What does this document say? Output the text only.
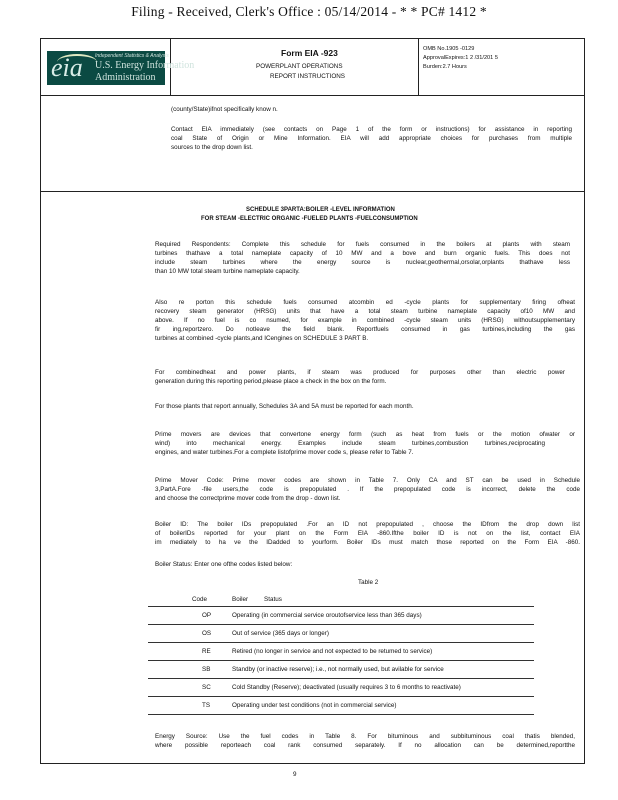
Filing - Received, Clerk's Office : 05/14/2014 - * * PC# 1412 *
eia Independent Statistics & Analysis
U.S. Energy Information
Administration
Form EIA -923
POWERPLANT OPERATIONS
REPORT INSTRUCTIONS
OMB No.1905 -0129
ApprovalExpires:1 2 /31/201 5
Burden:2.7 Hours
(county/State)ifnot specifically know n.
Contact EIA immediately (see contacts on Page 1 of the form or instructions) for assistance in reporting
coal State of Origin or Mine Information. EIA will add appropriate choices for purchases from multiple
sources to the drop down list.
SCHEDULE 3PARTA:BOILER -LEVEL INFORMATION
FOR STEAM -ELECTRIC ORGANIC -FUELED PLANTS -FUELCONSUMPTION
Required Respondents: Complete this schedule for fuels consumed in the boilers at plants with steam
turbines thathave a total nameplate capacity of 10 MW and a bove and burn organic fuels. This does not
include steam turbines where the energy source is nuclear,geothermal,orsolar,orplants thathave less
than 10 MW total steam turbine nameplate capacity.
Also re porton this schedule fuels consumed atcombin ed -cycle plants for supplementary firing ofheat
recovery steam generator (HRSG) units that have a total steam turbine nameplate capacity of10 MW and
above. If no fuel is co nsumed, for example in combined -cycle steam units (HRSG) withoutsupplementary
fir ing,reportzero. Do notleave the field blank. Reportfuels consumed in gas turbines,including the gas
turbines at combined -cycle plants,and ICengines on SCHEDULE 3 PART B.
For combinedheat and power plants, if steam was produced for purposes other than electric power
generation during this reporting period,please place a check in the box on the form.
For those plants that report annually, Schedules 3A and 5A must be reported for each month.
Prime movers are devices that convertone energy form (such as heat from fuels or the motion ofwater or
wind) into mechanical energy. Examples include steam turbines,combustion turbines,reciprocating
engines, and water turbines.For a complete listofprime mover code s, please refer to Table 7.
Prime Mover Code: Prime mover codes are shown in Table 7. Only CA and ST can be used in Schedule
3,PartA.Fore -file users,the code is prepopulated . If the prepopulated code is incorrect, delete the code
and choose the correctprime mover code from the drop - down list.
Boiler ID: The boiler IDs prepopulated .For an ID not prepopulated , choose the IDfrom the drop down list
of boilerIDs reported for your plant on the Form EIA -860.Ifthe boiler ID is not on the list, contact EIA
im mediately to ha ve the IDadded to yourform. Boiler IDs must match those reported on the Form EIA -860.
Boiler Status: Enter one ofthe codes listed below:
Table 2
Code	Boiler	Status
OP	Operating (in commercial service oroutofservice less than 365 days)
OS	Out of service (365 days or longer)
RE	Retired (no longer in service and not expected to be retumed to service)
SB	Standby (or inactive reserve); i.e., not normally used, but avilable for service
SC	Cold Standby (Reserve); deactivated (usually requires 3 to 6 months to reactivate)
TS	Operating under test conditions (not in commercial service)
Energy Source: Use the fuel codes in Table 8. For bituminous and subbituminous coal thatis blended,
where possible reporteach coal rank consumed separately. If no allocation can be determined,reportthe
9
